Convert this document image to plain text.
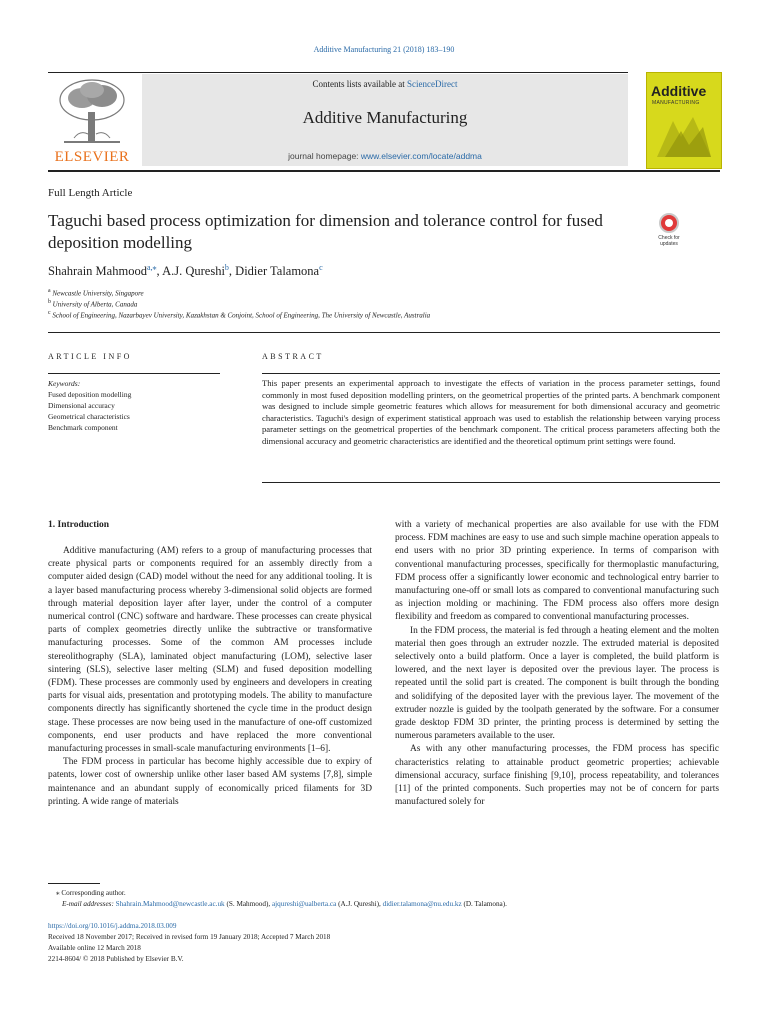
Additive Manufacturing 21 (2018) 183–190
ELSEVIER
Contents lists available at ScienceDirect
Additive Manufacturing
journal homepage: www.elsevier.com/locate/addma
Additive
MANUFACTURING
Full Length Article
Taguchi based process optimization for dimension and tolerance control for fused deposition modelling	Check for updates
Shahrain Mahmood$^{a,⁎}$, A.J. Qureshi$^b$, Didier Talamona$^c$
$^a$ Newcastle University, Singapore
$^b$ University of Alberta, Canada
$^c$ School of Engineering, Nazarbayev University, Kazakhstan & Conjoint, School of Engineering, The University of Newcastle, Australia
ARTICLE INFO	ABSTRACT
Keywords:
Fused deposition modelling
Dimensional accuracy
Geometrical characteristics
Benchmark component
This paper presents an experimental approach to investigate the effects of variation in the process parameter settings, found commonly in most fused deposition modelling printers, on the geometrical properties of the printed parts. A benchmark component was designed to include simple geometric features which allows for measurement for both dimensional accuracy and geometric characteristics. Taguchi's design of experiment statistical approach was used to establish the relationship between varying process parameter settings on the geometrical properties of the benchmark component. The critical process parameters affecting both the dimensional accuracy and geometric characteristics are identified and the theoretical optimum print settings were found.
1. Introduction

Additive manufacturing (AM) refers to a group of manufacturing processes that create physical parts or components required for an assembly directly from a computer aided design (CAD) model without the need for any additional tooling. It is a layer based manufacturing process whereby 3-dimensional solid objects are formed through material deposition layer after layer, under the control of a computer numerical control (CNC) software and hardware. These processes can create physical parts of complex geometries directly unlike the subtractive or transformative manufacturing processes. Some of the common AM processes include stereolithography (SLA), laminated object manufacturing (LOM), selective laser sintering (SLS), selective laser melting (SLM) and fused deposition modelling (FDM). These processes are commonly used by engineers and developers in creating parts for visual aids, presentation and prototyping models. The ability to manufacture components directly has significantly shortened the cycle time in the product design stage. These processes are now being used in the manufacture of one-off customized components, end user products and have replaced the more conventional manufacturing processes in small-scale manufacturing environments [1–6].

The FDM process in particular has become highly accessible due to expiry of patents, lower cost of ownership unlike other laser based AM systems [7,8], simple maintenance and an abundant supply of economically priced filaments for 3D printing. A wide range of materials

with a variety of mechanical properties are also available for use with the FDM process. FDM machines are easy to use and such simple machine operation appeals to end users with no prior 3D printing experience. In terms of comparison with conventional manufacturing processes, specifically for thermoplastic manufacturing, FDM process offer a significantly lower economic and technological entry barrier to manufacturing one-off or small lots as compared to conventional manufacturing such as injection molding or machining. The FDM process also offers more design flexibility and freedom as compared to conventional manufacturing processes.

In the FDM process, the material is fed through a heating element and the molten material then goes through an extruder nozzle. The extruded material is deposited selectively onto a build platform. Once a layer is completed, the build platform is lowered, and the next layer is deposited over the previous layer. The process is repeated until the solid part is created. The component is built through the bonding and solidifying of the deposited layer with the previous layer. The movement of the extruder nozzle is guided by the toolpath generated by the software. For a consumer grade desktop FDM 3D printer, the printing process is determined by setting the numerous parameters available to the user.

As with any other manufacturing processes, the FDM process has specific characteristics relating to attainable product geometric properties; achievable dimensional accuracy, surface finishing [9,10], process repeatability, and tolerances [11] of the printed components. Such properties may not be of concern for parts manufactured solely for

⁎ Corresponding author.
E-mail addresses: Shahrain.Mahmood@newcastle.ac.uk (S. Mahmood), ajqureshi@ualberta.ca (A.J. Qureshi), didier.talamona@nu.edu.kz (D. Talamona).
https://doi.org/10.1016/j.addma.2018.03.009
Received 18 November 2017; Received in revised form 19 January 2018; Accepted 7 March 2018
Available online 12 March 2018
2214-8604/ © 2018 Published by Elsevier B.V.
